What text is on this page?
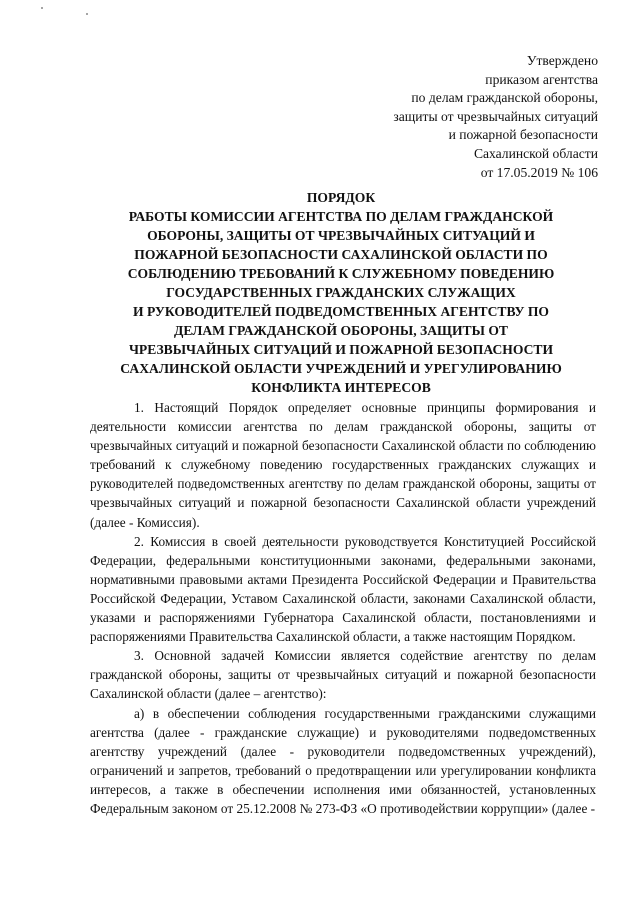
Утверждено
приказом агентства
по делам гражданской обороны,
защиты от чрезвычайных ситуаций
и пожарной безопасности
Сахалинской области
от 17.05.2019 № 106
ПОРЯДОК
РАБОТЫ КОМИССИИ АГЕНТСТВА ПО ДЕЛАМ ГРАЖДАНСКОЙ
ОБОРОНЫ, ЗАЩИТЫ ОТ ЧРЕЗВЫЧАЙНЫХ СИТУАЦИЙ И
ПОЖАРНОЙ БЕЗОПАСНОСТИ САХАЛИНСКОЙ ОБЛАСТИ ПО
СОБЛЮДЕНИЮ ТРЕБОВАНИЙ К СЛУЖЕБНОМУ ПОВЕДЕНИЮ
ГОСУДАРСТВЕННЫХ ГРАЖДАНСКИХ СЛУЖАЩИХ
И РУКОВОДИТЕЛЕЙ ПОДВЕДОМСТВЕННЫХ АГЕНТСТВУ ПО
ДЕЛАМ ГРАЖДАНСКОЙ ОБОРОНЫ, ЗАЩИТЫ ОТ
ЧРЕЗВЫЧАЙНЫХ СИТУАЦИЙ И ПОЖАРНОЙ БЕЗОПАСНОСТИ
САХАЛИНСКОЙ ОБЛАСТИ УЧРЕЖДЕНИЙ И УРЕГУЛИРОВАНИЮ
КОНФЛИКТА ИНТЕРЕСОВ

1. Настоящий Порядок определяет основные принципы формирования и деятельности комиссии агентства по делам гражданской обороны, защиты от чрезвычайных ситуаций и пожарной безопасности Сахалинской области по соблюдению требований к служебному поведению государственных гражданских служащих и руководителей подведомственных агентству по делам гражданской обороны, защиты от чрезвычайных ситуаций и пожарной безопасности Сахалинской области учреждений (далее - Комиссия).

2. Комиссия в своей деятельности руководствуется Конституцией Российской Федерации, федеральными конституционными законами, федеральными законами, нормативными правовыми актами Президента Российской Федерации и Правительства Российской Федерации, Уставом Сахалинской области, законами Сахалинской области, указами и распоряжениями Губернатора Сахалинской области, постановлениями и распоряжениями Правительства Сахалинской области, а также настоящим Порядком.

3. Основной задачей Комиссии является содействие агентству по делам гражданской обороны, защиты от чрезвычайных ситуаций и пожарной безопасности Сахалинской области (далее – агентство):

а) в обеспечении соблюдения государственными гражданскими служащими агентства (далее - гражданские служащие) и руководителями подведомственных агентству учреждений (далее - руководители подведомственных учреждений), ограничений и запретов, требований о предотвращении или урегулировании конфликта интересов, а также в обеспечении исполнения ими обязанностей, установленных Федеральным законом от 25.12.2008 № 273-ФЗ «О противодействии коррупции» (далее -
